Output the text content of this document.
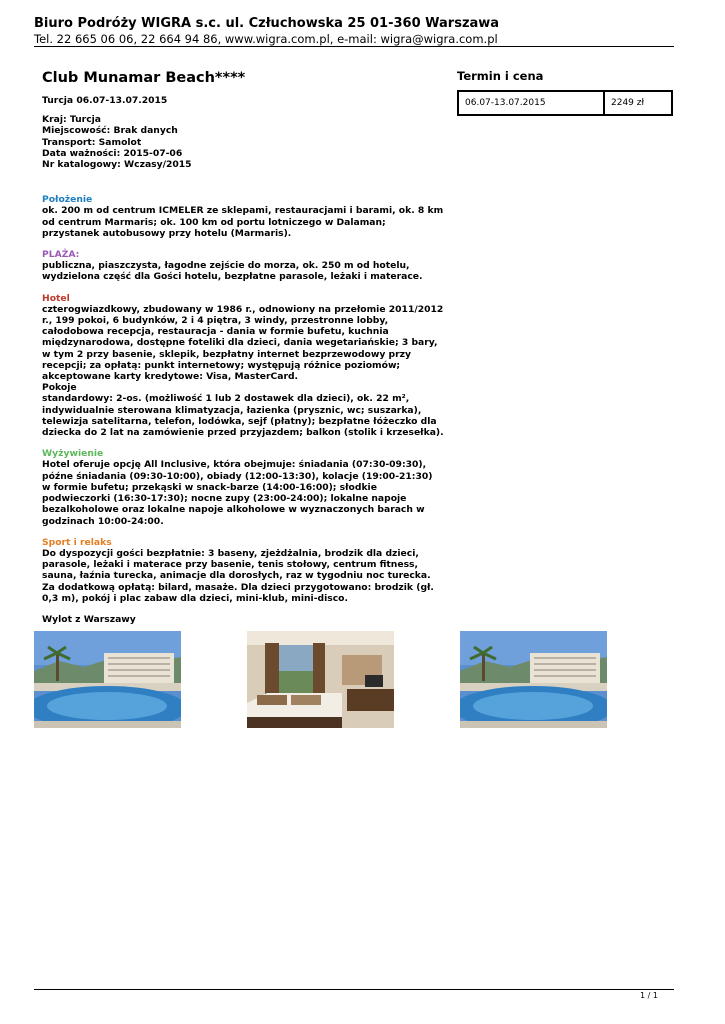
Biuro Podróży WIGRA s.c. ul. Człuchowska 25 01-360 Warszawa
Tel. 22 665 06 06, 22 664 94 86, www.wigra.com.pl, e-mail: wigra@wigra.com.pl
Club Munamar Beach****

Turcja 06.07-13.07.2015

Kraj: Turcja
Miejscowość: Brak danych
Transport: Samolot
Data ważności: 2015-07-06
Nr katalogowy: Wczasy/2015
Położenie

ok. 200 m od centrum ICMELER ze sklepami, restauracjami i barami, ok. 8 km od centrum Marmaris; ok. 100 km od portu lotniczego w Dalaman; przystanek autobusowy przy hotelu (Marmaris).

PLAŻA:

publiczna, piaszczysta, łagodne zejście do morza, ok. 250 m od hotelu, wydzielona część dla Gości hotelu, bezpłatne parasole, leżaki i materace.

Hotel

czterogwiazdkowy, zbudowany w 1986 r., odnowiony na przełomie 2011/2012 r., 199 pokoi, 6 budynków, 2 i 4 piętra, 3 windy, przestronne lobby, całodobowa recepcja, restauracja - dania w formie bufetu, kuchnia międzynarodowa, dostępne foteliki dla dzieci, dania wegetariańskie; 3 bary, w tym 2 przy basenie, sklepik, bezpłatny internet bezprzewodowy przy recepcji; za opłatą: punkt internetowy; występują różnice poziomów; akceptowane karty kredytowe: Visa, MasterCard.

Pokoje

standardowy: 2-os. (możliwość 1 lub 2 dostawek dla dzieci), ok. 22 m², indywidualnie sterowana klimatyzacja, łazienka (prysznic, wc; suszarka), telewizja satelitarna, telefon, lodówka, sejf (płatny); bezpłatne łóżeczko dla dziecka do 2 lat na zamówienie przed przyjazdem; balkon (stolik i krzesełka).

Wyżywienie

Hotel oferuje opcję All Inclusive, która obejmuje: śniadania (07:30-09:30), późne śniadania (09:30-10:00), obiady (12:00-13:30), kolacje (19:00-21:30) w formie bufetu; przekąski w snack-barze (14:00-16:00); słodkie podwieczorki (16:30-17:30); nocne zupy (23:00-24:00); lokalne napoje bezalkoholowe oraz lokalne napoje alkoholowe w wyznaczonych barach w godzinach 10:00-24:00.

Sport i relaks

Do dyspozycji gości bezpłatnie: 3 baseny, zjeżdżalnia, brodzik dla dzieci, parasole, leżaki i materace przy basenie, tenis stołowy, centrum fitness, sauna, łaźnia turecka, animacje dla dorosłych, raz w tygodniu noc turecka. Za dodatkową opłatą: bilard, masaże. Dla dzieci przygotowano: brodzik (gł. 0,3 m), pokój i plac zabaw dla dzieci, mini-klub, mini-disco.

Wylot z Warszawy

Termin i cena
06.07-13.07.2015	2249 zł
1 / 1
